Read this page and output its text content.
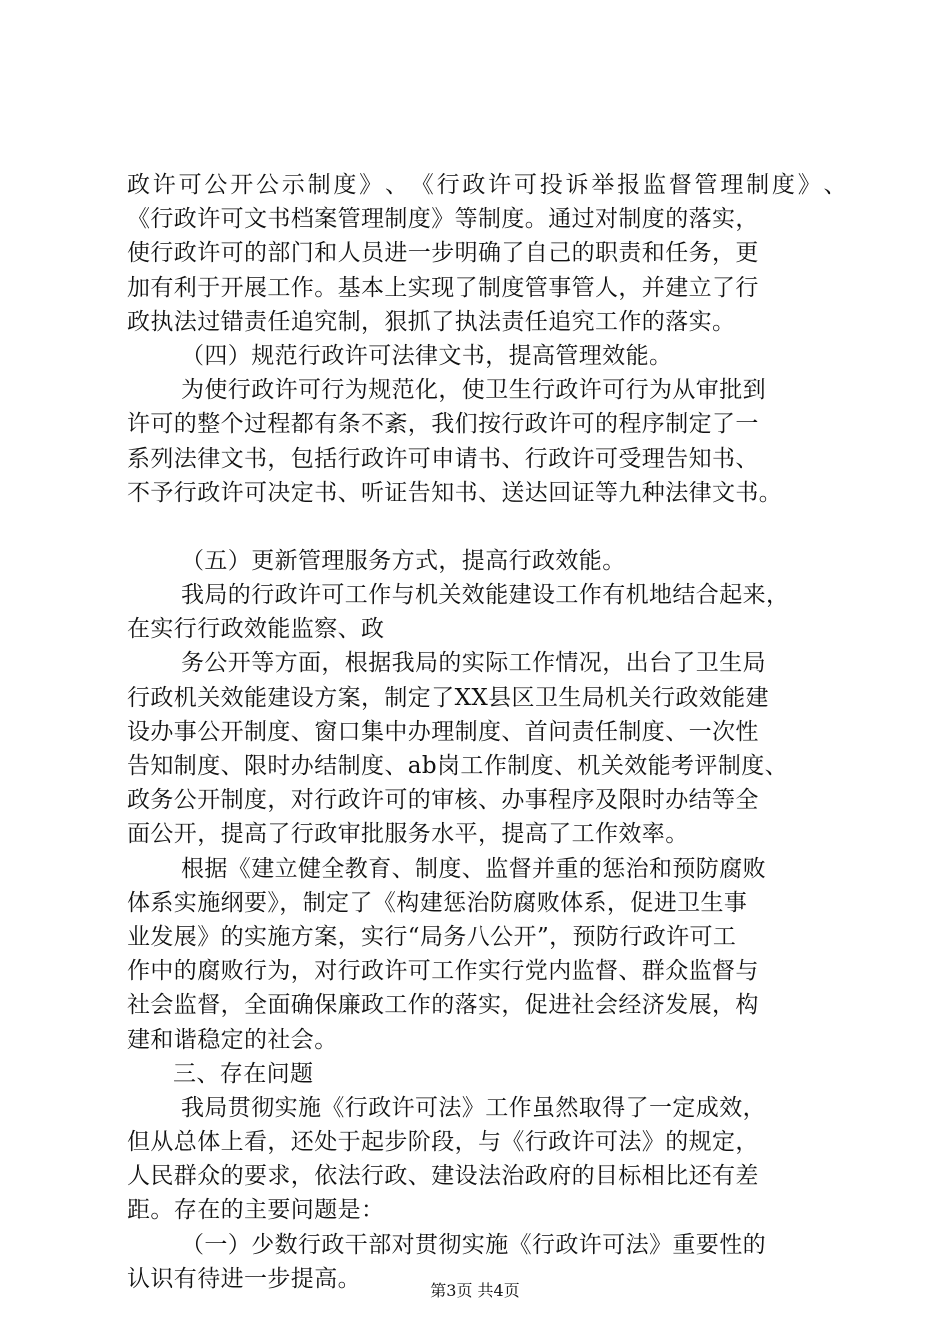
政 许 可 公 开 公 示 制 度 》 、 《 行 政 许 可 投 诉 举 报 监 督 管 理 制 度 》 、
《行政许可文书档案管理制度》等制度。通过对制度的落实，
使行政许可的部门和人员进一步明确了自己的职责和任务，更
加有利于开展工作。基本上实现了制度管事管人，并建立了行
政执法过错责任追究制，狠抓了执法责任追究工作的落实。
（四）规范行政许可法律文书，提高管理效能。
为使行政许可行为规范化，使卫生行政许可行为从审批到
许可的整个过程都有条不紊，我们按行政许可的程序制定了一
系列法律文书，包括行政许可申请书、行政许可受理告知书、
不予行政许可决定书、听证告知书、送达回证等九种法律文书。
（五）更新管理服务方式，提高行政效能。
我局的行政许可工作与机关效能建设工作有机地结合起来，
在实行行政效能监察、政
务公开等方面，根据我局的实际工作情况，出台了卫生局
行政机关效能建设方案，制定了XX县区卫生局机关行政效能建
设办事公开制度、窗口集中办理制度、首问责任制度、一次性
告知制度、限时办结制度、ab岗工作制度、机关效能考评制度、
政务公开制度，对行政许可的审核、办事程序及限时办结等全
面公开，提高了行政审批服务水平，提高了工作效率。
根据《建立健全教育、制度、监督并重的惩治和预防腐败
体系实施纲要》，制定了《构建惩治防腐败体系，促进卫生事
业发展》的实施方案，实行“局务八公开”，预防行政许可工
作中的腐败行为，对行政许可工作实行党内监督、群众监督与
社会监督，全面确保廉政工作的落实，促进社会经济发展，构
建和谐稳定的社会。
三、存在问题
我局贯彻实施《行政许可法》工作虽然取得了一定成效，
但从总体上看，还处于起步阶段，与《行政许可法》的规定，
人民群众的要求，依法行政、建设法治政府的目标相比还有差
距。存在的主要问题是：
（一）少数行政干部对贯彻实施《行政许可法》重要性的
认识有待进一步提高。	第3页 共4页
